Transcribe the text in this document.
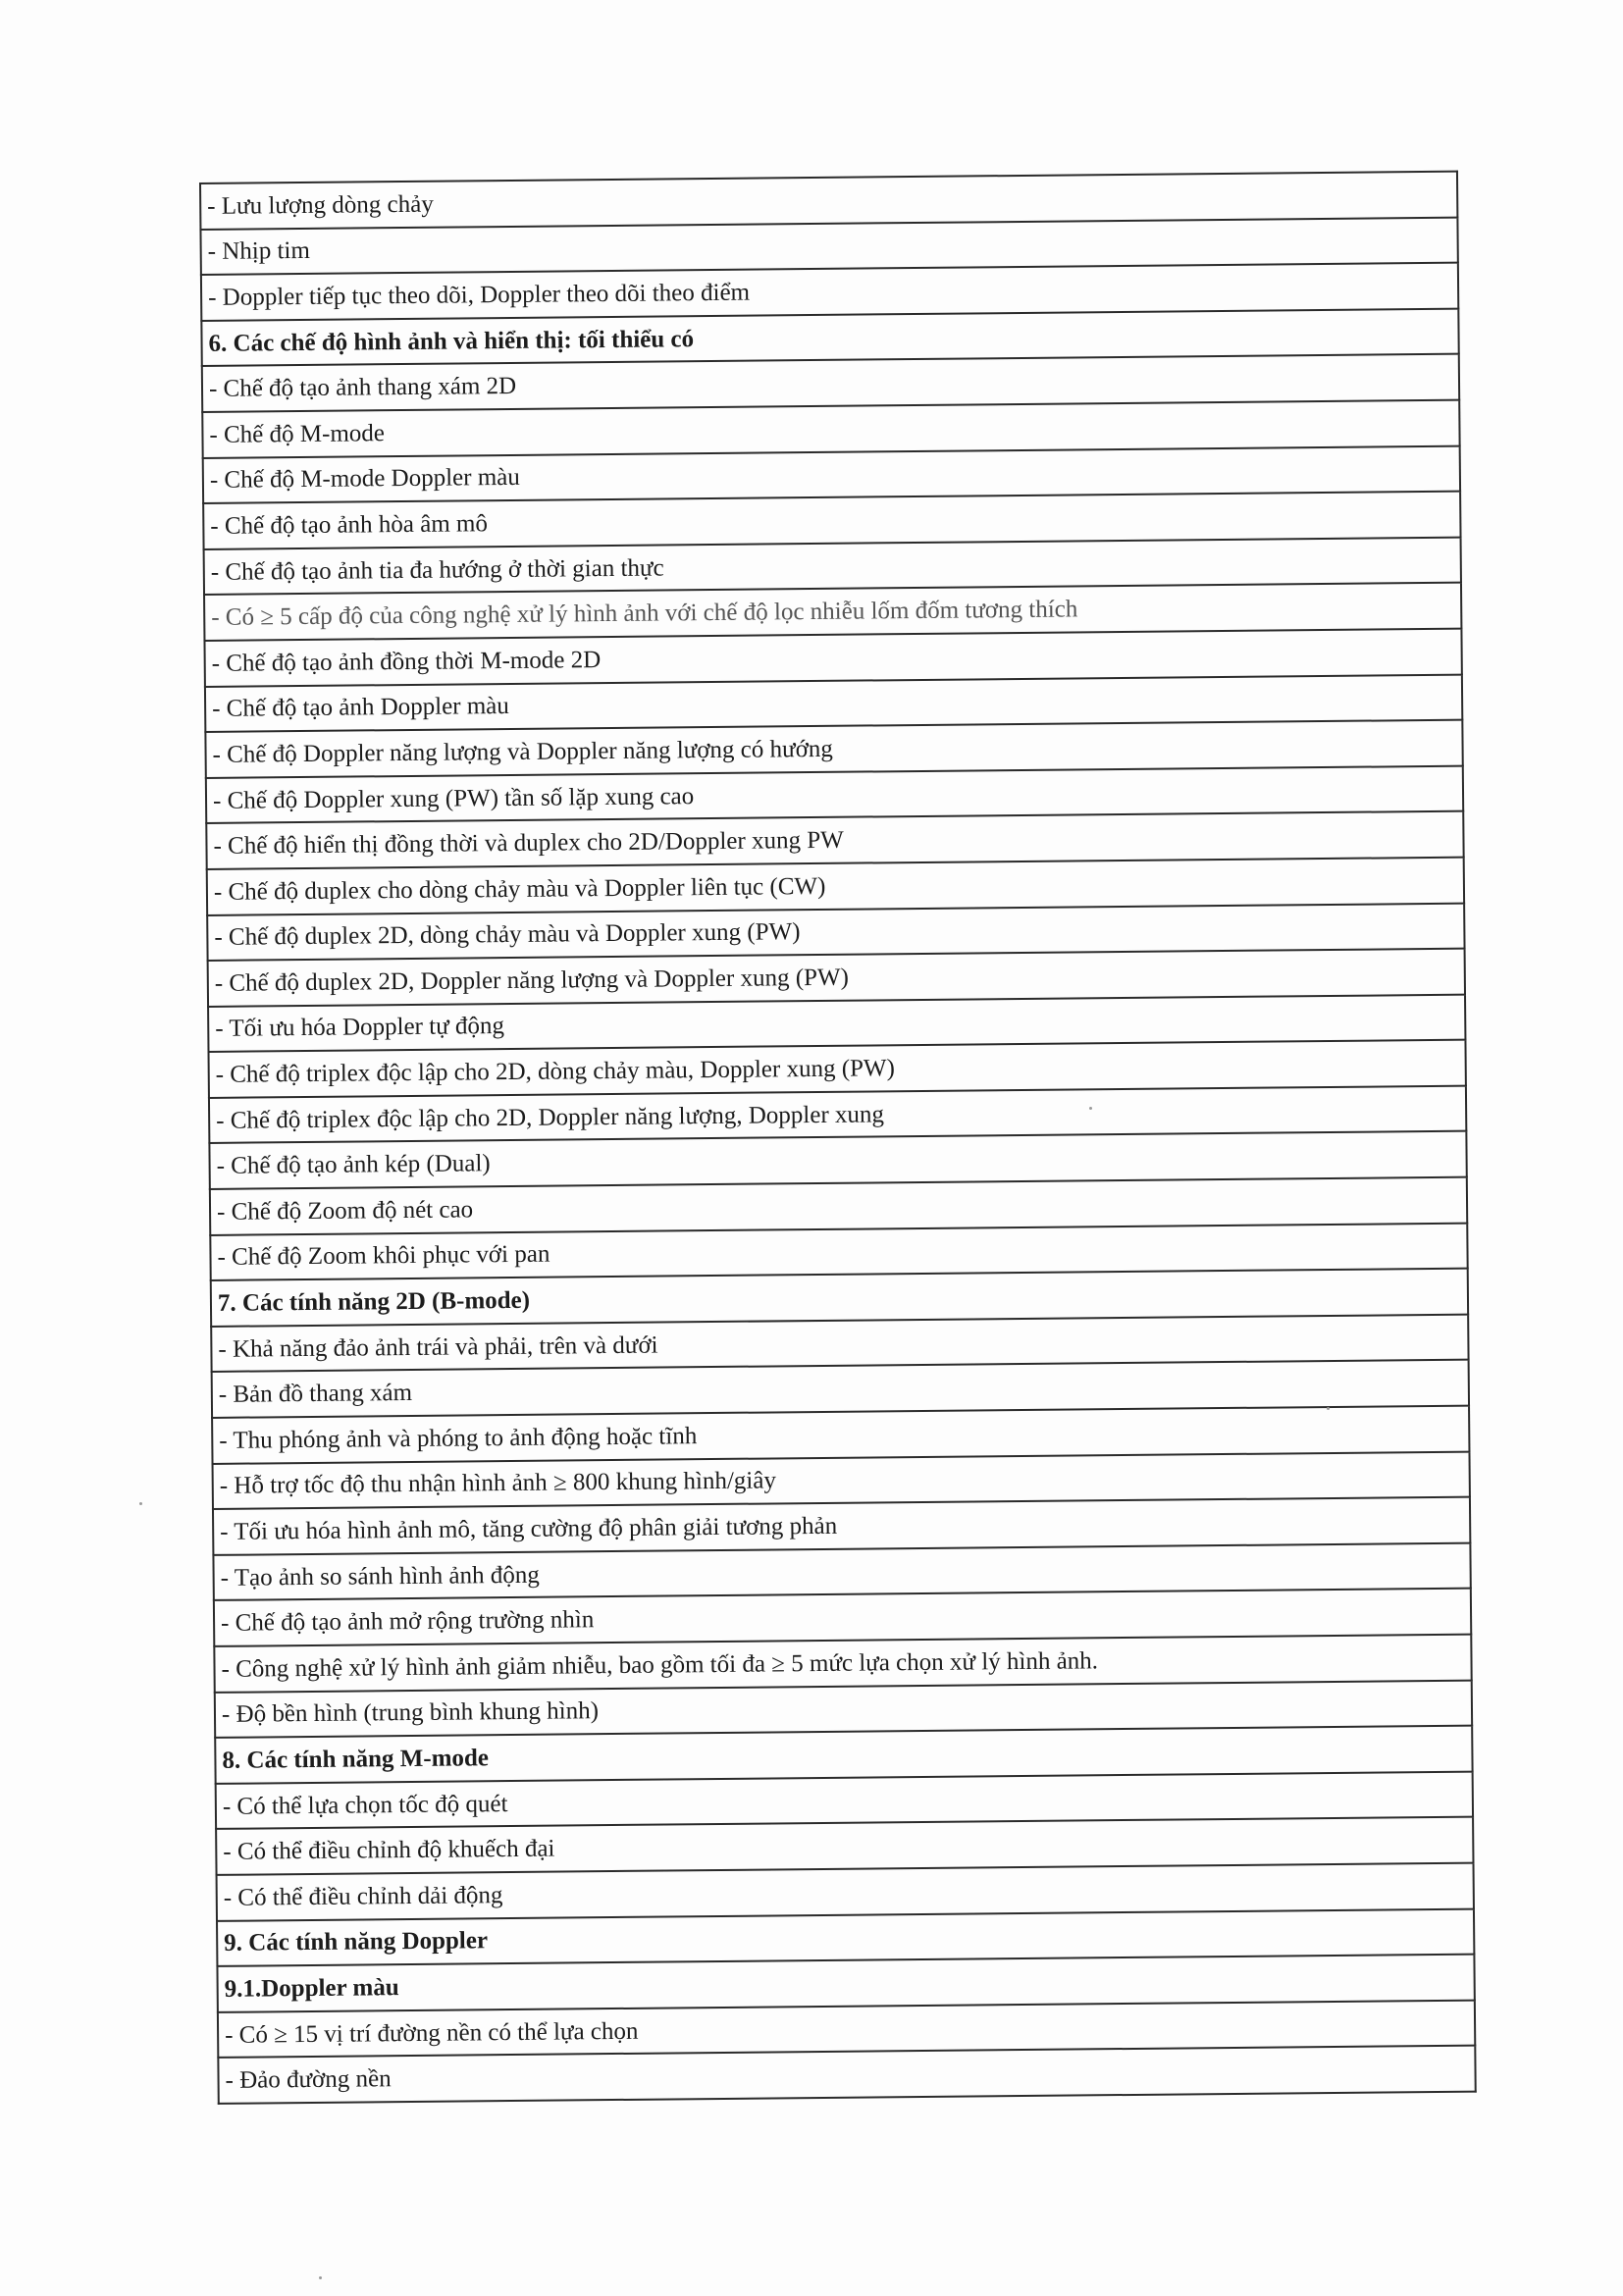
- Lưu lượng dòng chảy
- Nhịp tim
- Doppler tiếp tục theo dõi, Doppler theo dõi theo điểm
6. Các chế độ hình ảnh và hiển thị: tối thiểu có
- Chế độ tạo ảnh thang xám 2D
- Chế độ M-mode
- Chế độ M-mode Doppler màu
- Chế độ tạo ảnh hòa âm mô
- Chế độ tạo ảnh tia đa hướng ở thời gian thực
- Có ≥ 5 cấp độ của công nghệ xử lý hình ảnh với chế độ lọc nhiễu lốm đốm tương thích
- Chế độ tạo ảnh đồng thời M-mode 2D
- Chế độ tạo ảnh Doppler màu
- Chế độ Doppler năng lượng và Doppler năng lượng có hướng
- Chế độ Doppler xung (PW) tần số lặp xung cao
- Chế độ hiển thị đồng thời và duplex cho 2D/Doppler xung PW
- Chế độ duplex cho dòng chảy màu và Doppler liên tục (CW)
- Chế độ duplex 2D, dòng chảy màu và Doppler xung (PW)
- Chế độ duplex 2D, Doppler năng lượng và Doppler xung (PW)
- Tối ưu hóa Doppler tự động
- Chế độ triplex độc lập cho 2D, dòng chảy màu, Doppler xung (PW)
- Chế độ triplex độc lập cho 2D, Doppler năng lượng, Doppler xung
- Chế độ tạo ảnh kép (Dual)
- Chế độ Zoom độ nét cao
- Chế độ Zoom khôi phục với pan
7. Các tính năng 2D (B-mode)
- Khả năng đảo ảnh trái và phải, trên và dưới
- Bản đồ thang xám
- Thu phóng ảnh và phóng to ảnh động hoặc tĩnh
- Hỗ trợ tốc độ thu nhận hình ảnh ≥ 800 khung hình/giây
- Tối ưu hóa hình ảnh mô, tăng cường độ phân giải tương phản
- Tạo ảnh so sánh hình ảnh động
- Chế độ tạo ảnh mở rộng trường nhìn
- Công nghệ xử lý hình ảnh giảm nhiễu, bao gồm tối đa ≥ 5 mức lựa chọn xử lý hình ảnh.
- Độ bền hình (trung bình khung hình)
8. Các tính năng M-mode
- Có thể lựa chọn tốc độ quét
- Có thể điều chỉnh độ khuếch đại
- Có thể điều chỉnh dải động
9. Các tính năng Doppler
9.1.Doppler màu
- Có ≥ 15 vị trí đường nền có thể lựa chọn
- Đảo đường nền
